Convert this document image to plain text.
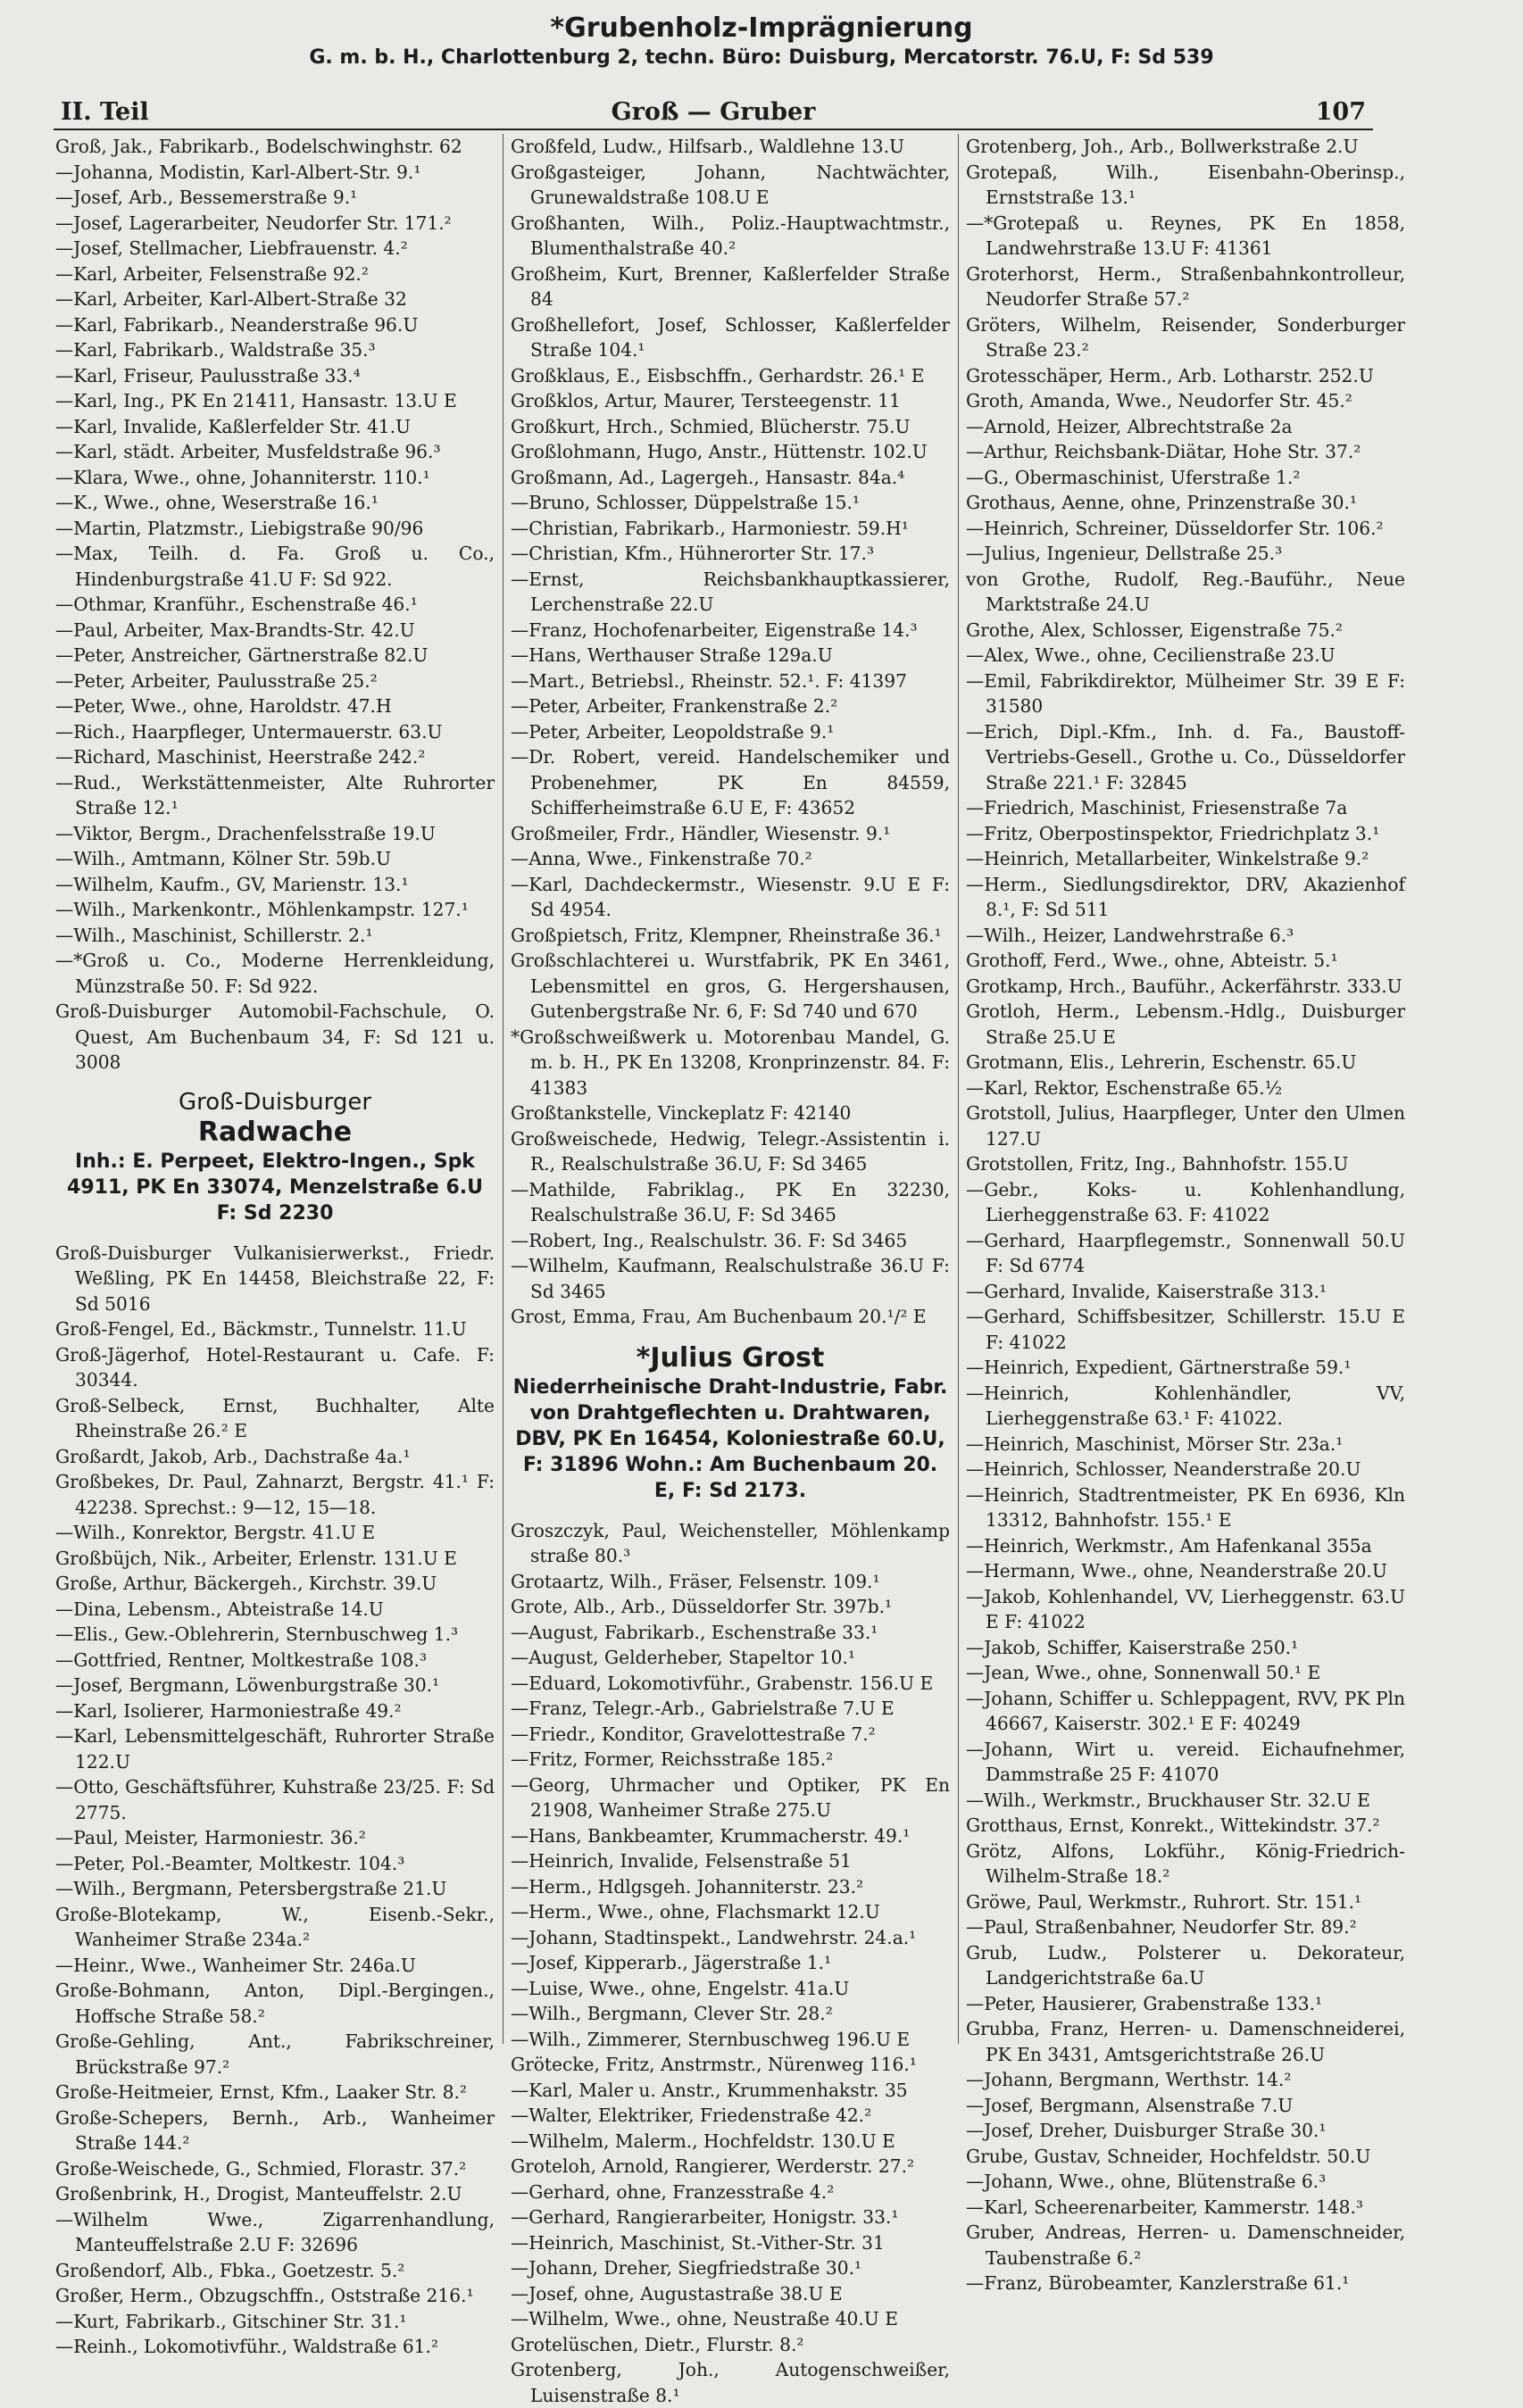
II. Teil	Groß — Gruber	107

Groß, Jak., Fabrikarb., Bodelschwinghstr. 62

—Johanna, Modistin, Karl-Albert-Str. 9.¹

—Josef, Arb., Bessemerstraße 9.¹

—Josef, Lagerarbeiter, Neudorfer Str. 171.²

—Josef, Stellmacher, Liebfrauenstr. 4.²

—Karl, Arbeiter, Felsenstraße 92.²

—Karl, Arbeiter, Karl-Albert-Straße 32

—Karl, Fabrikarb., Neanderstraße 96.U

—Karl, Fabrikarb., Waldstraße 35.³

—Karl, Friseur, Paulusstraße 33.⁴

—Karl, Ing., PK En 21411, Hansastr. 13.U E

—Karl, Invalide, Kaßlerfelder Str. 41.U

—Karl, städt. Arbeiter, Musfeldstraße 96.³

—Klara, Wwe., ohne, Johanniterstr. 110.¹

—K., Wwe., ohne, Weserstraße 16.¹

—Martin, Platzmstr., Liebigstraße 90/96

—Max, Teilh. d. Fa. Groß u. Co., Hindenburgstraße 41.U F: Sd 922.

—Othmar, Kranführ., Eschenstraße 46.¹

—Paul, Arbeiter, Max-Brandts-Str. 42.U

—Peter, Anstreicher, Gärtnerstraße 82.U

—Peter, Arbeiter, Paulusstraße 25.²

—Peter, Wwe., ohne, Haroldstr. 47.H

—Rich., Haarpfleger, Untermauerstr. 63.U

—Richard, Maschinist, Heerstraße 242.²

—Rud., Werkstättenmeister, Alte Ruhrorter Straße 12.¹

—Viktor, Bergm., Drachenfelsstraße 19.U

—Wilh., Amtmann, Kölner Str. 59b.U

—Wilhelm, Kaufm., GV, Marienstr. 13.¹

—Wilh., Markenkontr., Möhlenkampstr. 127.¹

—Wilh., Maschinist, Schillerstr. 2.¹

—*Groß u. Co., Moderne Herrenkleidung, Münzstraße 50. F: Sd 922.

Groß-Duisburger Automobil-Fachschule, O. Quest, Am Buchenbaum 34, F: Sd 121 u. 3008

Groß-Duisburger
Radwache
Inh.: E. Perpeet, Elektro-Ingen., Spk 4911, PK En 33074, Menzelstraße 6.U
F: Sd 2230

Groß-Duisburger Vulkanisierwerkst., Friedr. Weßling, PK En 14458, Bleichstraße 22, F: Sd 5016

Groß-Fengel, Ed., Bäckmstr., Tunnelstr. 11.U

Groß-Jägerhof, Hotel-Restaurant u. Cafe. F: 30344.

Groß-Selbeck, Ernst, Buchhalter, Alte Rheinstraße 26.² E

Großardt, Jakob, Arb., Dachstraße 4a.¹

Großbekes, Dr. Paul, Zahnarzt, Bergstr. 41.¹ F: 42238. Sprechst.: 9—12, 15—18.

—Wilh., Konrektor, Bergstr. 41.U E

Großbüjch, Nik., Arbeiter, Erlenstr. 131.U E

Große, Arthur, Bäckergeh., Kirchstr. 39.U

—Dina, Lebensm., Abteistraße 14.U

—Elis., Gew.-Oblehrerin, Sternbuschweg 1.³

—Gottfried, Rentner, Moltkestraße 108.³

—Josef, Bergmann, Löwenburgstraße 30.¹

—Karl, Isolierer, Harmoniestraße 49.²

—Karl, Lebensmittelgeschäft, Ruhrorter Straße 122.U

—Otto, Geschäftsführer, Kuhstraße 23/25. F: Sd 2775.

—Paul, Meister, Harmoniestr. 36.²

—Peter, Pol.-Beamter, Moltkestr. 104.³

—Wilh., Bergmann, Petersbergstraße 21.U

Große-Blotekamp, W., Eisenb.-Sekr., Wanheimer Straße 234a.²

—Heinr., Wwe., Wanheimer Str. 246a.U

Große-Bohmann, Anton, Dipl.-Bergingen., Hoffsche Straße 58.²

Große-Gehling, Ant., Fabrikschreiner, Brückstraße 97.²

Große-Heitmeier, Ernst, Kfm., Laaker Str. 8.²

Große-Schepers, Bernh., Arb., Wanheimer Straße 144.²

Große-Weischede, G., Schmied, Florastr. 37.²

Großenbrink, H., Drogist, Manteuffelstr. 2.U

—Wilhelm Wwe., Zigarrenhandlung, Manteuffelstraße 2.U F: 32696

Großendorf, Alb., Fbka., Goetzestr. 5.²

Großer, Herm., Obzugschffn., Oststraße 216.¹

—Kurt, Fabrikarb., Gitschiner Str. 31.¹

—Reinh., Lokomotivführ., Waldstraße 61.²

Großfeld, Ludw., Hilfsarb., Waldlehne 13.U

Großgasteiger, Johann, Nachtwächter, Grunewaldstraße 108.U E

Großhanten, Wilh., Poliz.-Hauptwachtmstr., Blumenthalstraße 40.²

Großheim, Kurt, Brenner, Kaßlerfelder Straße 84

Großhellefort, Josef, Schlosser, Kaßlerfelder Straße 104.¹

Großklaus, E., Eisbschffn., Gerhardstr. 26.¹ E

Großklos, Artur, Maurer, Tersteegenstr. 11

Großkurt, Hrch., Schmied, Blücherstr. 75.U

Großlohmann, Hugo, Anstr., Hüttenstr. 102.U

Großmann, Ad., Lagergeh., Hansastr. 84a.⁴

—Bruno, Schlosser, Düppelstraße 15.¹

—Christian, Fabrikarb., Harmoniestr. 59.H¹

—Christian, Kfm., Hühnerorter Str. 17.³

—Ernst, Reichsbankhauptkassierer, Lerchenstraße 22.U

—Franz, Hochofenarbeiter, Eigenstraße 14.³

—Hans, Werthauser Straße 129a.U

—Mart., Betriebsl., Rheinstr. 52.¹. F: 41397

—Peter, Arbeiter, Frankenstraße 2.²

—Peter, Arbeiter, Leopoldstraße 9.¹

—Dr. Robert, vereid. Handelschemiker und Probenehmer, PK En 84559, Schifferheimstraße 6.U E, F: 43652

Großmeiler, Frdr., Händler, Wiesenstr. 9.¹

—Anna, Wwe., Finkenstraße 70.²

—Karl, Dachdeckermstr., Wiesenstr. 9.U E F: Sd 4954.

Großpietsch, Fritz, Klempner, Rheinstraße 36.¹

Großschlachterei u. Wurstfabrik, PK En 3461, Lebensmittel en gros, G. Hergershausen, Gutenbergstraße Nr. 6, F: Sd 740 und 670

*Großschweißwerk u. Motorenbau Mandel, G. m. b. H., PK En 13208, Kronprinzenstr. 84. F: 41383

Großtankstelle, Vinckeplatz F: 42140

Großweischede, Hedwig, Telegr.-Assistentin i. R., Realschulstraße 36.U, F: Sd 3465

—Mathilde, Fabriklag., PK En 32230, Realschulstraße 36.U, F: Sd 3465

—Robert, Ing., Realschulstr. 36. F: Sd 3465

—Wilhelm, Kaufmann, Realschulstraße 36.U F: Sd 3465

Grost, Emma, Frau, Am Buchenbaum 20.¹/² E

*Julius Grost
Niederrheinische Draht-Industrie, Fabr. von Drahtgeflechten u. Drahtwaren, DBV, PK En 16454, Koloniestraße 60.U, F: 31896 Wohn.: Am Buchenbaum 20. E, F: Sd 2173.

Groszczyk, Paul, Weichensteller, Möhlenkamp straße 80.³

Grotaartz, Wilh., Fräser, Felsenstr. 109.¹

Grote, Alb., Arb., Düsseldorfer Str. 397b.¹

—August, Fabrikarb., Eschenstraße 33.¹

—August, Gelderheber, Stapeltor 10.¹

—Eduard, Lokomotivführ., Grabenstr. 156.U E

—Franz, Telegr.-Arb., Gabrielstraße 7.U E

—Friedr., Konditor, Gravelottestraße 7.²

—Fritz, Former, Reichsstraße 185.²

—Georg, Uhrmacher und Optiker, PK En 21908, Wanheimer Straße 275.U

—Hans, Bankbeamter, Krummacherstr. 49.¹

—Heinrich, Invalide, Felsenstraße 51

—Herm., Hdlgsgeh. Johanniterstr. 23.²

—Herm., Wwe., ohne, Flachsmarkt 12.U

—Johann, Stadtinspekt., Landwehrstr. 24.a.¹

—Josef, Kipperarb., Jägerstraße 1.¹

—Luise, Wwe., ohne, Engelstr. 41a.U

—Wilh., Bergmann, Clever Str. 28.²

—Wilh., Zimmerer, Sternbuschweg 196.U E

Grötecke, Fritz, Anstrmstr., Nürenweg 116.¹

—Karl, Maler u. Anstr., Krummenhakstr. 35

—Walter, Elektriker, Friedenstraße 42.²

—Wilhelm, Malerm., Hochfeldstr. 130.U E

Groteloh, Arnold, Rangierer, Werderstr. 27.²

—Gerhard, ohne, Franzesstraße 4.²

—Gerhard, Rangierarbeiter, Honigstr. 33.¹

—Heinrich, Maschinist, St.-Vither-Str. 31

—Johann, Dreher, Siegfriedstraße 30.¹

—Josef, ohne, Augustastraße 38.U E

—Wilhelm, Wwe., ohne, Neustraße 40.U E

Grotelüschen, Dietr., Flurstr. 8.²

Grotenberg, Joh., Autogenschweißer, Luisenstraße 8.¹

Grotenberg, Joh., Arb., Bollwerkstraße 2.U

Grotepaß, Wilh., Eisenbahn-Oberinsp., Ernststraße 13.¹

—*Grotepaß u. Reynes, PK En 1858, Landwehrstraße 13.U F: 41361

Groterhorst, Herm., Straßenbahnkontrolleur, Neudorfer Straße 57.²

Gröters, Wilhelm, Reisender, Sonderburger Straße 23.²

Grotesschäper, Herm., Arb. Lotharstr. 252.U

Groth, Amanda, Wwe., Neudorfer Str. 45.²

—Arnold, Heizer, Albrechtstraße 2a

—Arthur, Reichsbank-Diätar, Hohe Str. 37.²

—G., Obermaschinist, Uferstraße 1.²

Grothaus, Aenne, ohne, Prinzenstraße 30.¹

—Heinrich, Schreiner, Düsseldorfer Str. 106.²

—Julius, Ingenieur, Dellstraße 25.³

von Grothe, Rudolf, Reg.-Bauführ., Neue Marktstraße 24.U

Grothe, Alex, Schlosser, Eigenstraße 75.²

—Alex, Wwe., ohne, Cecilienstraße 23.U

—Emil, Fabrikdirektor, Mülheimer Str. 39 E F: 31580

—Erich, Dipl.-Kfm., Inh. d. Fa., Baustoff-Vertriebs-Gesell., Grothe u. Co., Düsseldorfer Straße 221.¹ F: 32845

—Friedrich, Maschinist, Friesenstraße 7a

—Fritz, Oberpostinspektor, Friedrichplatz 3.¹

—Heinrich, Metallarbeiter, Winkelstraße 9.²

—Herm., Siedlungsdirektor, DRV, Akazienhof 8.¹, F: Sd 511

—Wilh., Heizer, Landwehrstraße 6.³

Grothoff, Ferd., Wwe., ohne, Abteistr. 5.¹

Grotkamp, Hrch., Bauführ., Ackerfährstr. 333.U

Grotloh, Herm., Lebensm.-Hdlg., Duisburger Straße 25.U E

Grotmann, Elis., Lehrerin, Eschenstr. 65.U

—Karl, Rektor, Eschenstraße 65.½

Grotstoll, Julius, Haarpfleger, Unter den Ulmen 127.U

Grotstollen, Fritz, Ing., Bahnhofstr. 155.U

—Gebr., Koks- u. Kohlenhandlung, Lierheggenstraße 63. F: 41022

—Gerhard, Haarpflegemstr., Sonnenwall 50.U F: Sd 6774

—Gerhard, Invalide, Kaiserstraße 313.¹

—Gerhard, Schiffsbesitzer, Schillerstr. 15.U E F: 41022

—Heinrich, Expedient, Gärtnerstraße 59.¹

—Heinrich, Kohlenhändler, VV, Lierheggenstraße 63.¹ F: 41022.

—Heinrich, Maschinist, Mörser Str. 23a.¹

—Heinrich, Schlosser, Neanderstraße 20.U

—Heinrich, Stadtrentmeister, PK En 6936, Kln 13312, Bahnhofstr. 155.¹ E

—Heinrich, Werkmstr., Am Hafenkanal 355a

—Hermann, Wwe., ohne, Neanderstraße 20.U

—Jakob, Kohlenhandel, VV, Lierheggenstr. 63.U E F: 41022

—Jakob, Schiffer, Kaiserstraße 250.¹

—Jean, Wwe., ohne, Sonnenwall 50.¹ E

—Johann, Schiffer u. Schleppagent, RVV, PK Pln 46667, Kaiserstr. 302.¹ E F: 40249

—Johann, Wirt u. vereid. Eichaufnehmer, Dammstraße 25 F: 41070

—Wilh., Werkmstr., Bruckhauser Str. 32.U E

Grotthaus, Ernst, Konrekt., Wittekindstr. 37.²

Grötz, Alfons, Lokführ., König-Friedrich-Wilhelm-Straße 18.²

Gröwe, Paul, Werkmstr., Ruhrort. Str. 151.¹

—Paul, Straßenbahner, Neudorfer Str. 89.²

Grub, Ludw., Polsterer u. Dekorateur, Landgerichtstraße 6a.U

—Peter, Hausierer, Grabenstraße 133.¹

Grubba, Franz, Herren- u. Damenschneiderei, PK En 3431, Amtsgerichtstraße 26.U

—Johann, Bergmann, Werthstr. 14.²

—Josef, Bergmann, Alsenstraße 7.U

—Josef, Dreher, Duisburger Straße 30.¹

Grube, Gustav, Schneider, Hochfeldstr. 50.U

—Johann, Wwe., ohne, Blütenstraße 6.³

—Karl, Scheerenarbeiter, Kammerstr. 148.³

Gruber, Andreas, Herren- u. Damenschneider, Taubenstraße 6.²

—Franz, Bürobeamter, Kanzlerstraße 61.¹

*Grubenholz-Imprägnierung
G. m. b. H., Charlottenburg 2, techn. Büro: Duisburg, Mercatorstr. 76.U, F: Sd 539
